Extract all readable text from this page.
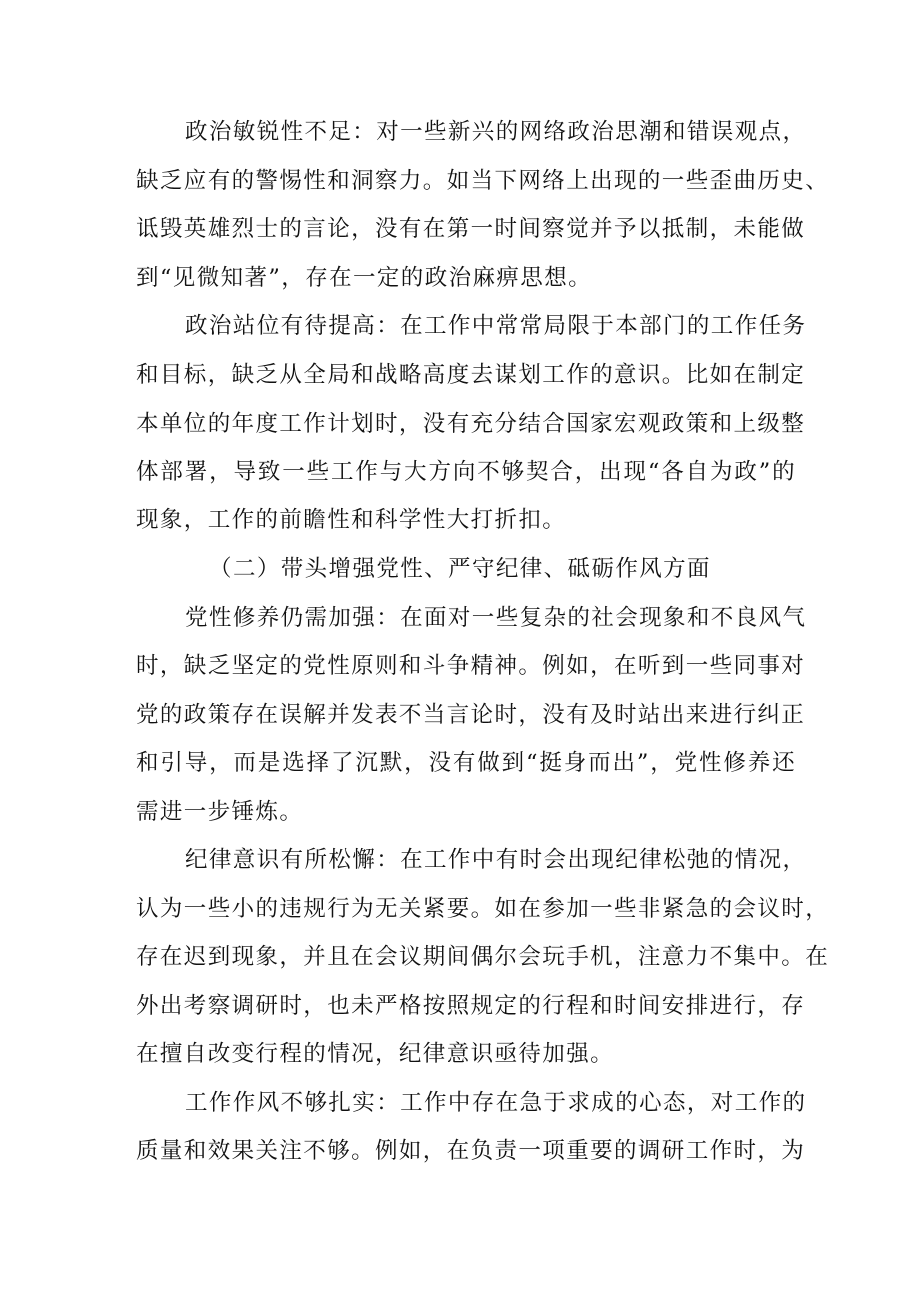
政治敏锐性不足：对一些新兴的网络政治思潮和错误观点，
缺乏应有的警惕性和洞察力。如当下网络上出现的一些歪曲历史、
诋毁英雄烈士的言论，没有在第一时间察觉并予以抵制，未能做
到“见微知著”，存在一定的政治麻痹思想。
政治站位有待提高：在工作中常常局限于本部门的工作任务
和目标，缺乏从全局和战略高度去谋划工作的意识。比如在制定
本单位的年度工作计划时，没有充分结合国家宏观政策和上级整
体部署，导致一些工作与大方向不够契合，出现“各自为政”的
现象，工作的前瞻性和科学性大打折扣。
（二）带头增强党性、严守纪律、砥砺作风方面
党性修养仍需加强：在面对一些复杂的社会现象和不良风气
时，缺乏坚定的党性原则和斗争精神。例如，在听到一些同事对
党的政策存在误解并发表不当言论时，没有及时站出来进行纠正
和引导，而是选择了沉默，没有做到“挺身而出”，党性修养还
需进一步锤炼。
纪律意识有所松懈：在工作中有时会出现纪律松弛的情况，
认为一些小的违规行为无关紧要。如在参加一些非紧急的会议时，
存在迟到现象，并且在会议期间偶尔会玩手机，注意力不集中。在
外出考察调研时，也未严格按照规定的行程和时间安排进行，存
在擅自改变行程的情况，纪律意识亟待加强。
工作作风不够扎实：工作中存在急于求成的心态，对工作的
质量和效果关注不够。例如，在负责一项重要的调研工作时，为
